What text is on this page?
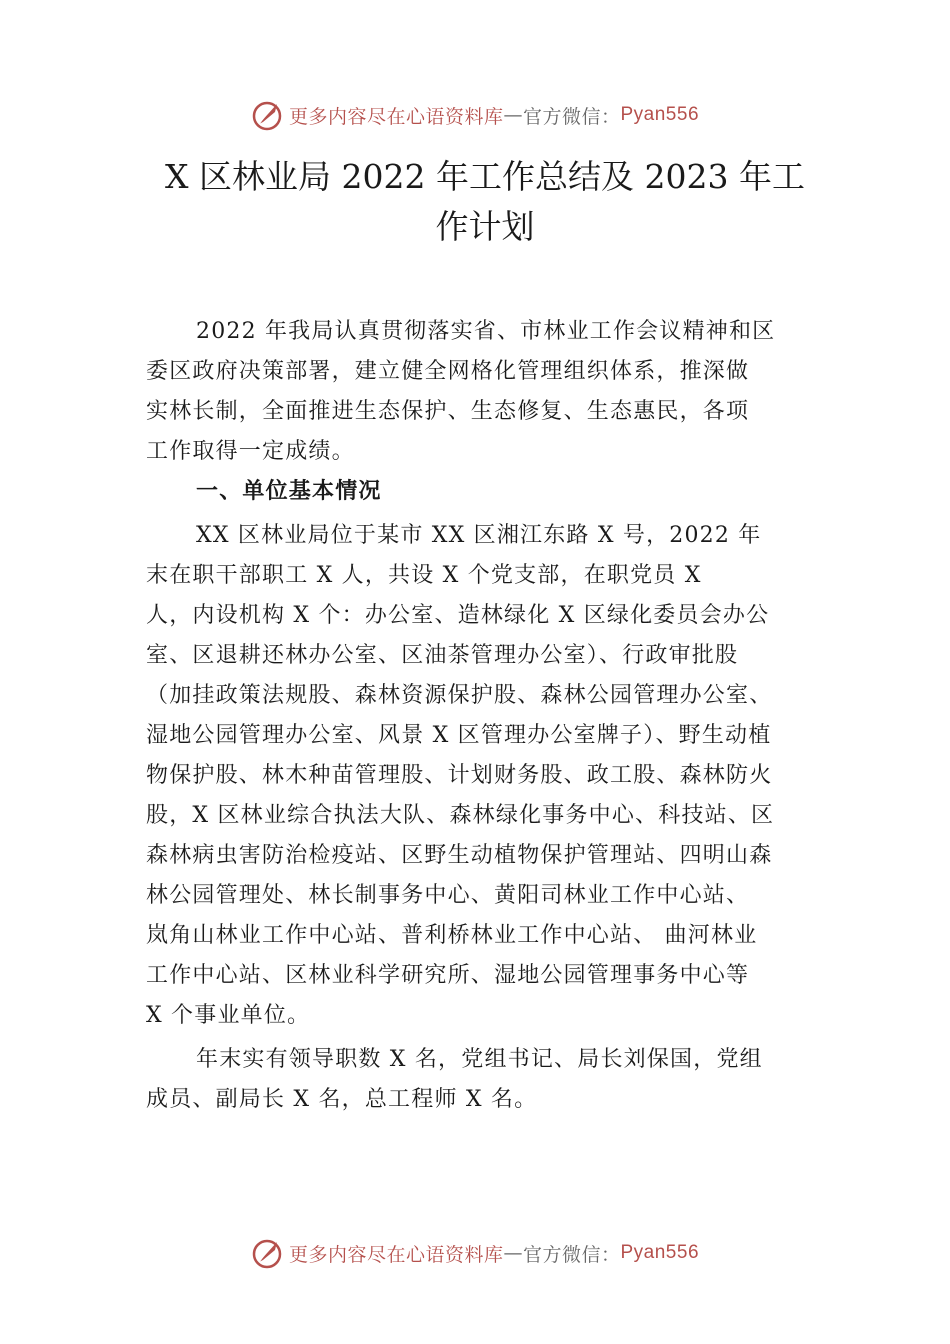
更多内容尽在心语资料库 — 官方微信： Pyan556
X 区林业局 2022 年工作总结及 2023 年工
作计划
2022 年我局认真贯彻落实省、市林业工作会议精神和区
委区政府决策部署，建立健全网格化管理组织体系，推深做
实林长制，全面推进生态保护、生态修复、生态惠民，各项
工作取得一定成绩。
一、单位基本情况
XX 区林业局位于某市 XX 区湘江东路 X 号，2022 年
末在职干部职工 X 人，共设 X 个党支部，在职党员 X
人，内设机构 X 个：办公室、造林绿化 X 区绿化委员会办公
室、区退耕还林办公室、区油茶管理办公室）、行政审批股
（加挂政策法规股、森林资源保护股、森林公园管理办公室、
湿地公园管理办公室、风景 X 区管理办公室牌子）、野生动植
物保护股、林木种苗管理股、计划财务股、政工股、森林防火
股，X 区林业综合执法大队、森林绿化事务中心、科技站、区
森林病虫害防治检疫站、区野生动植物保护管理站、四明山森
林公园管理处、林长制事务中心、黄阳司林业工作中心站、
岚角山林业工作中心站、普利桥林业工作中心站、 曲河林业
工作中心站、区林业科学研究所、湿地公园管理事务中心等
X 个事业单位。
年末实有领导职数 X 名，党组书记、局长刘保国，党组
成员、副局长 X 名，总工程师 X 名。
更多内容尽在心语资料库 — 官方微信： Pyan556
